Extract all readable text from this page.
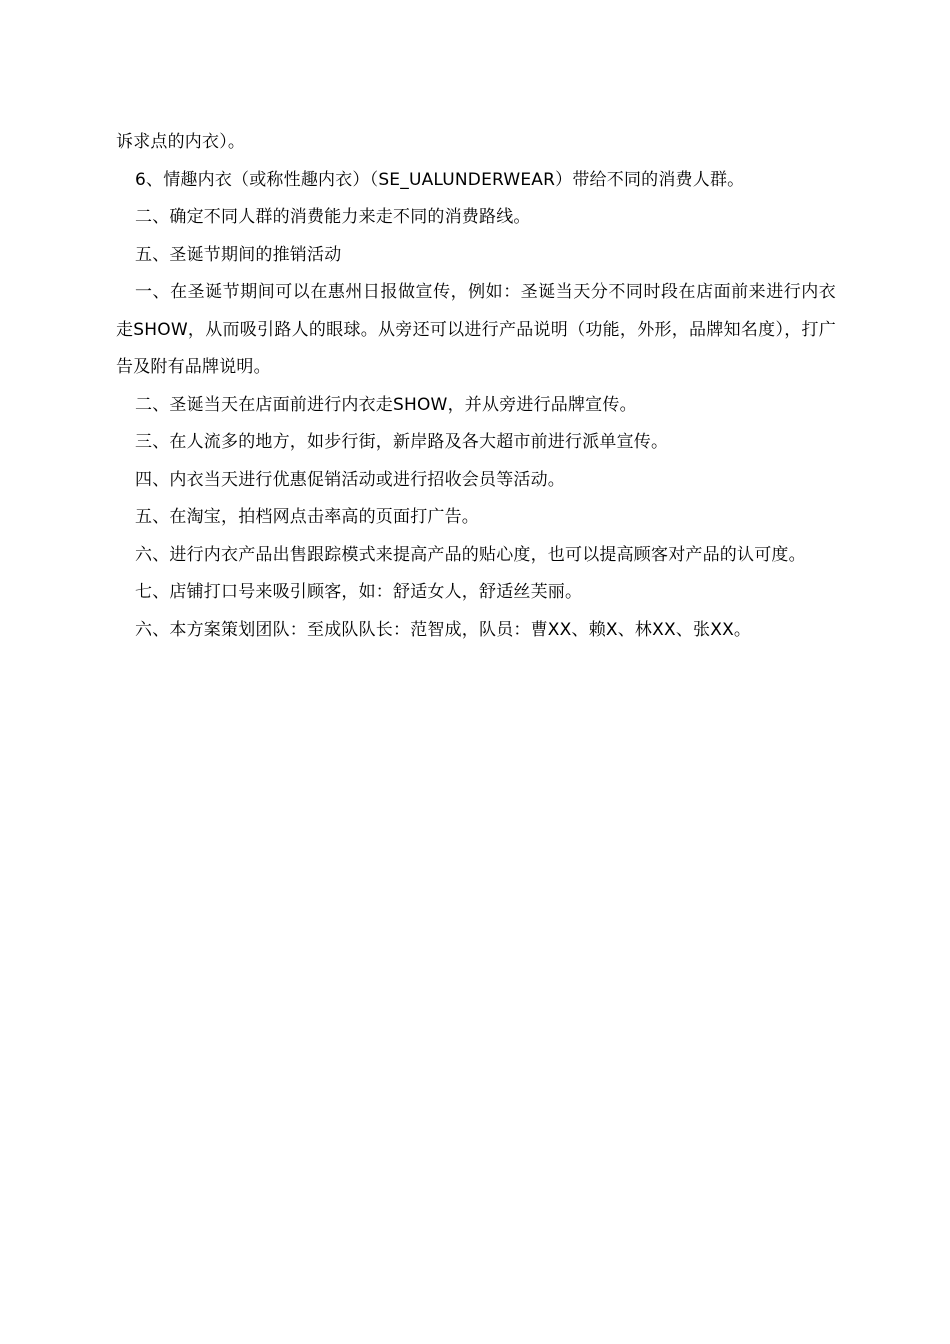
诉求点的内衣）。

6、情趣内衣（或称性趣内衣）（SE_UALUNDERWEAR）带给不同的消费人群。

二、确定不同人群的消费能力来走不同的消费路线。

五、圣诞节期间的推销活动

一、在圣诞节期间可以在惠州日报做宣传，例如：圣诞当天分不同时段在店面前来进行内衣走SHOW，从而吸引路人的眼球。从旁还可以进行产品说明（功能，外形，品牌知名度），打广告及附有品牌说明。

二、圣诞当天在店面前进行内衣走SHOW，并从旁进行品牌宣传。

三、在人流多的地方，如步行街，新岸路及各大超市前进行派单宣传。

四、内衣当天进行优惠促销活动或进行招收会员等活动。

五、在淘宝，拍档网点击率高的页面打广告。

六、进行内衣产品出售跟踪模式来提高产品的贴心度，也可以提高顾客对产品的认可度。

七、店铺打口号来吸引顾客，如：舒适女人，舒适丝芙丽。

六、本方案策划团队：至成队队长：范智成，队员：曹XX、赖X、林XX、张XX。
